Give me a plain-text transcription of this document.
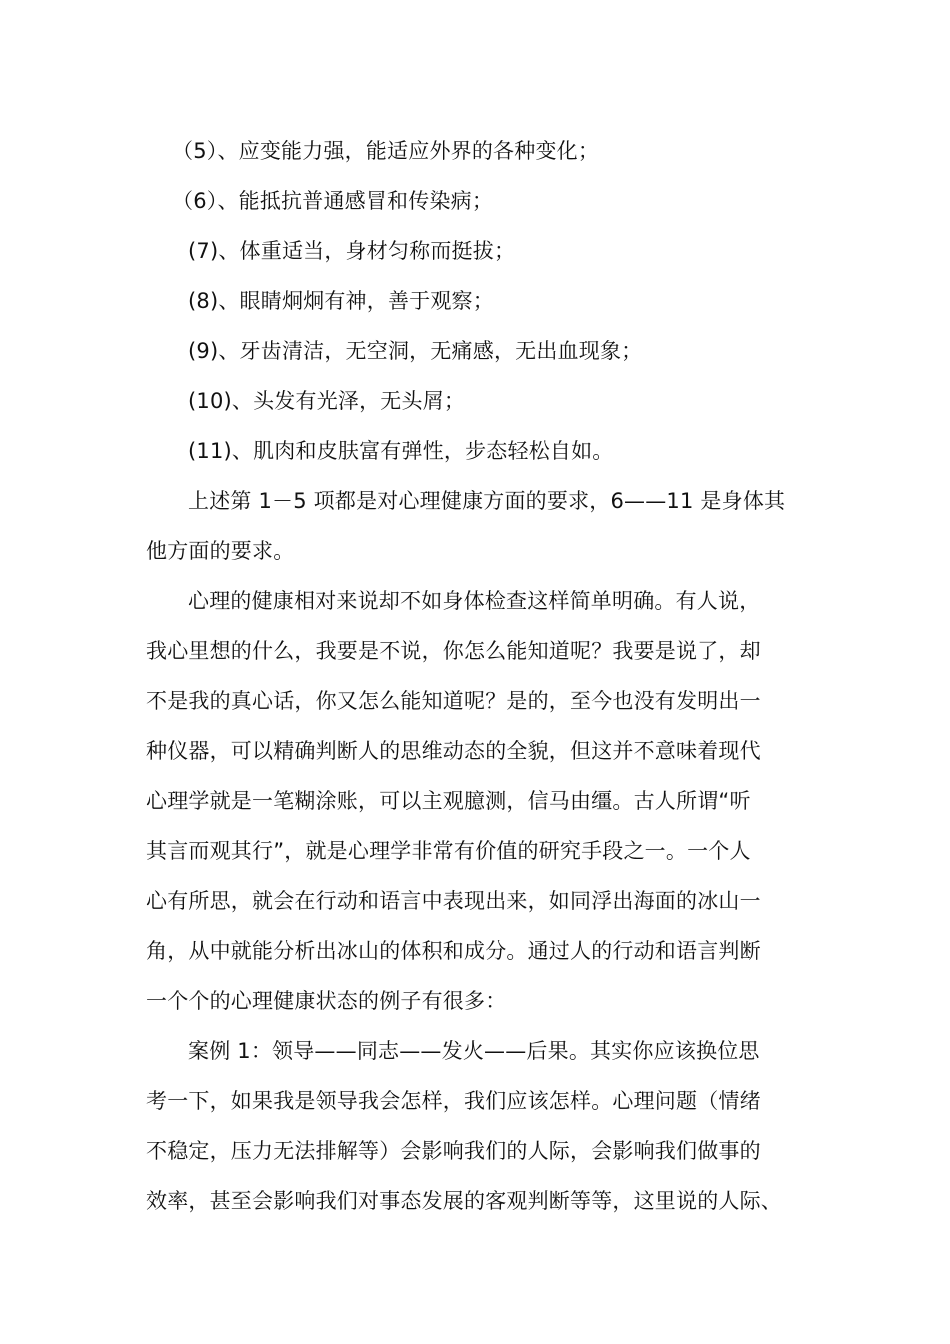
（5）、应变能力强，能适应外界的各种变化；
（6）、能抵抗普通感冒和传染病；
(7)、体重适当，身材匀称而挺拔；
(8)、眼睛炯炯有神，善于观察；
(9)、牙齿清洁，无空洞，无痛感，无出血现象；
(10)、头发有光泽，无头屑；
(11)、肌肉和皮肤富有弹性，步态轻松自如。
上述第 1－5 项都是对心理健康方面的要求，6——11 是身体其
他方面的要求。
心理的健康相对来说却不如身体检查这样简单明确。有人说，
我心里想的什么，我要是不说，你怎么能知道呢？我要是说了，却
不是我的真心话，你又怎么能知道呢？是的，至今也没有发明出一
种仪器，可以精确判断人的思维动态的全貌，但这并不意味着现代
心理学就是一笔糊涂账，可以主观臆测，信马由缰。古人所谓“听
其言而观其行”，就是心理学非常有价值的研究手段之一。一个人
心有所思，就会在行动和语言中表现出来，如同浮出海面的冰山一
角，从中就能分析出冰山的体积和成分。通过人的行动和语言判断
一个个的心理健康状态的例子有很多：
案例 1：领导——同志——发火——后果。其实你应该换位思
考一下，如果我是领导我会怎样，我们应该怎样。心理问题（情绪
不稳定，压力无法排解等）会影响我们的人际，会影响我们做事的
效率，甚至会影响我们对事态发展的客观判断等等，这里说的人际、
